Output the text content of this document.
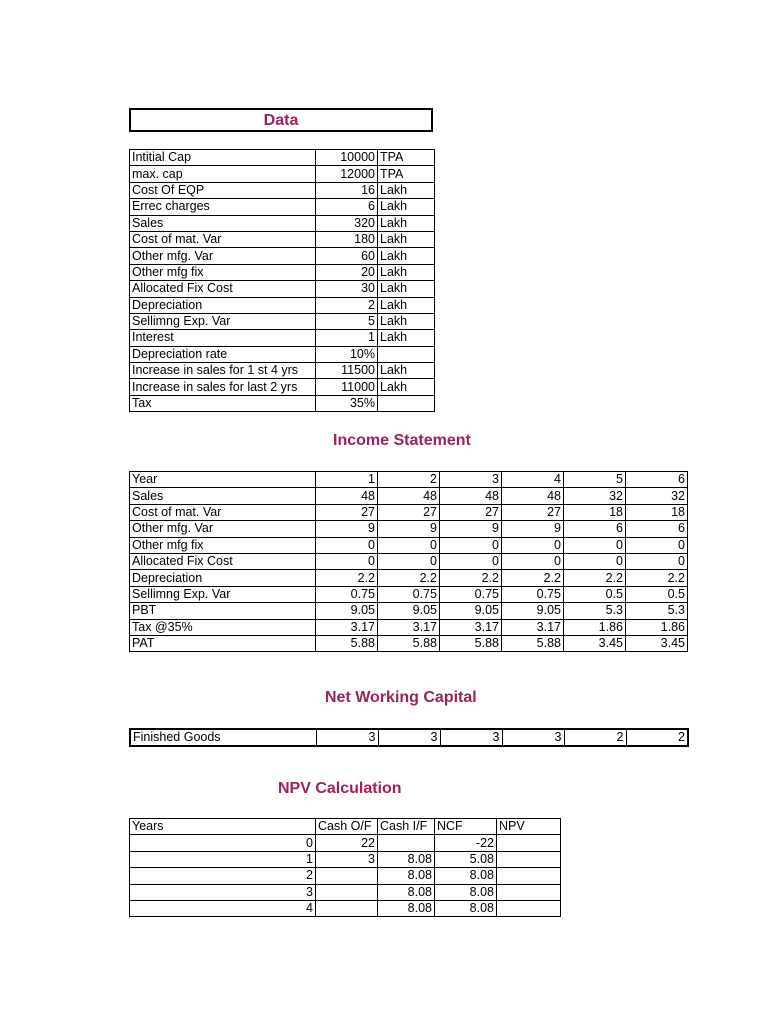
Data
Intitial Cap	10000	TPA
max. cap	12000	TPA
Cost Of EQP	16	Lakh
Errec charges	6	Lakh
Sales	320	Lakh
Cost of mat. Var	180	Lakh
Other mfg. Var	60	Lakh
Other mfg fix	20	Lakh
Allocated Fix Cost	30	Lakh
Depreciation	2	Lakh
Sellimng Exp. Var	5	Lakh
Interest	1	Lakh
Depreciation rate	10%	
Increase in sales for 1 st 4 yrs	11500	Lakh
Increase in sales for last 2 yrs	11000	Lakh
Tax	35%	
Income Statement
Year	1	2	3	4	5	6
Sales	48	48	48	48	32	32
Cost of mat. Var	27	27	27	27	18	18
Other mfg. Var	9	9	9	9	6	6
Other mfg fix	0	0	0	0	0	0
Allocated Fix Cost	0	0	0	0	0	0
Depreciation	2.2	2.2	2.2	2.2	2.2	2.2
Sellimng Exp. Var	0.75	0.75	0.75	0.75	0.5	0.5
PBT	9.05	9.05	9.05	9.05	5.3	5.3
Tax @35%	3.17	3.17	3.17	3.17	1.86	1.86
PAT	5.88	5.88	5.88	5.88	3.45	3.45
Net Working Capital
Finished Goods	3	3	3	3	2	2
NPV Calculation
Years	Cash O/F	Cash I/F	NCF	NPV
0	22		-22	
1	3	8.08	5.08	
2		8.08	8.08	
3		8.08	8.08	
4		8.08	8.08	
